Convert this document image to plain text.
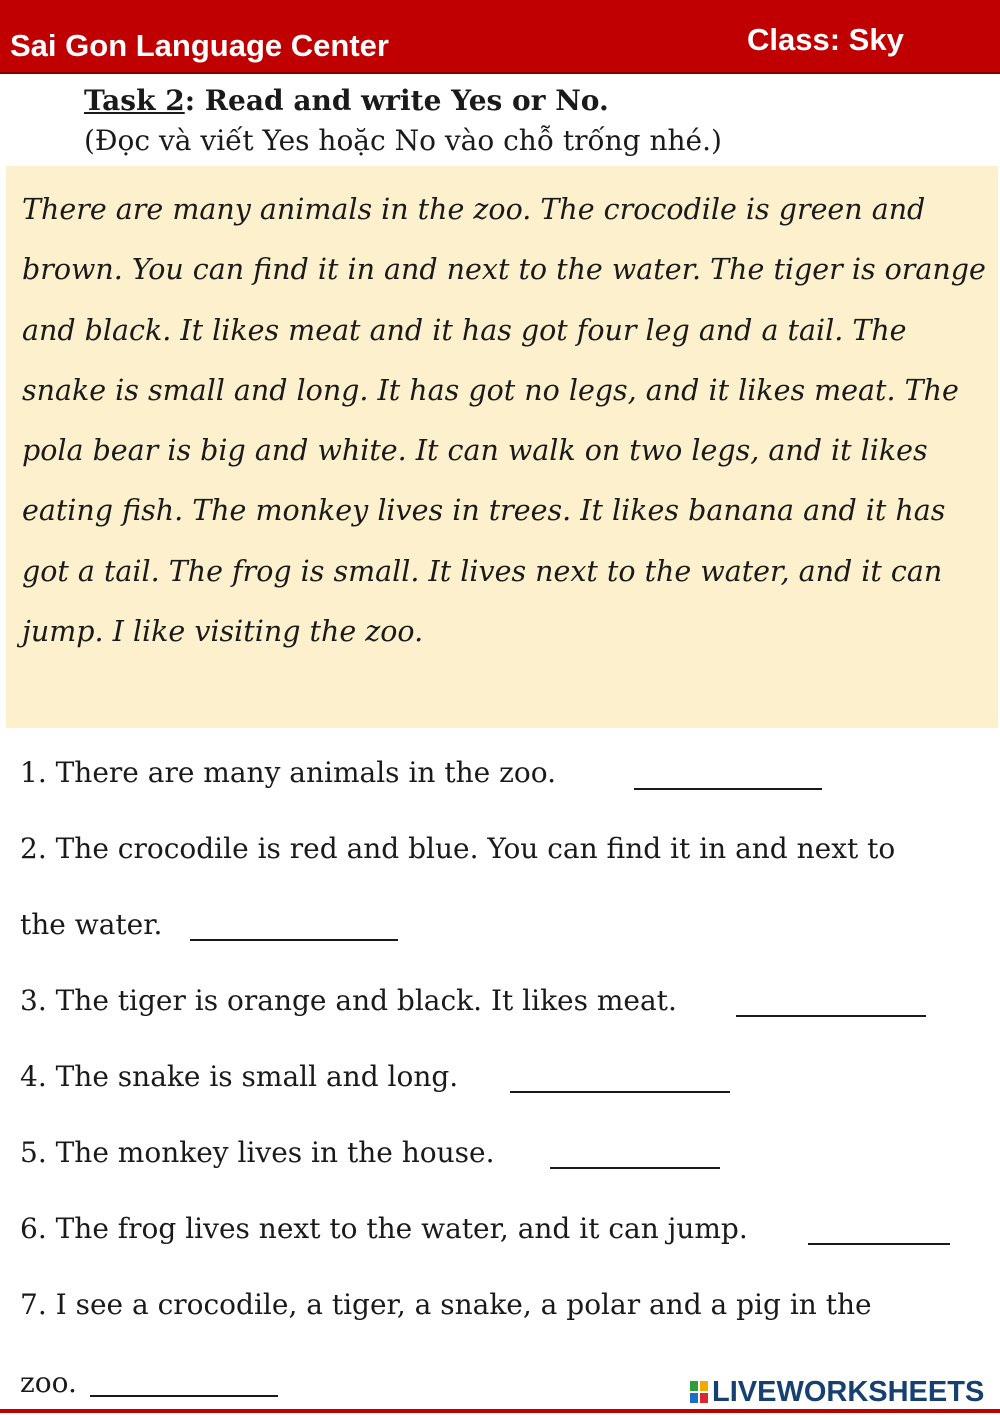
Sai Gon Language Center	Class: Sky
Task 2: Read and write Yes or No.
(Đọc và viết Yes hoặc No vào chỗ trống nhé.)

There are many animals in the zoo. The crocodile is green and brown. You can find it in and next to the water. The tiger is orange and black. It likes meat and it has got four leg and a tail. The snake is small and long. It has got no legs, and it likes meat. The pola bear is big and white. It can walk on two legs, and it likes eating fish. The monkey lives in trees. It likes banana and it has got a tail. The frog is small. It lives next to the water, and it can jump. I like visiting the zoo.

1. There are many animals in the zoo.
2. The crocodile is red and blue. You can find it in and next to
the water.
3. The tiger is orange and black. It likes meat.
4. The snake is small and long.
5. The monkey lives in the house.
6. The frog lives next to the water, and it can jump.
7. I see a crocodile, a tiger, a snake, a polar and a pig in the
zoo.	LIVEWORKSHEETS
